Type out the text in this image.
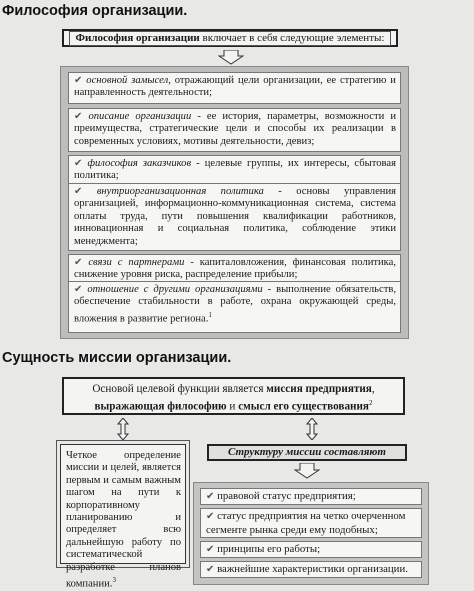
Философия организации.
Философия организации включает в себя следующие элементы:
✔ основной замысел, отражающий цели организации, ее стратегию и направленность деятельности;
✔ описание организации - ее история, параметры, возможности и преимущества, стратегические цели и способы их реализации в современных условиях, мотивы деятельности, девиз;
✔ философия заказчиков - целевые группы, их интересы, сбытовая политика;
✔ внутриорганизационная политика - основы управления организацией, информационно-коммуникационная система, система оплаты труда, пути повышения квалификации работников, инновационная и социальная политика, соблюдение этики менеджмента;
✔ связи с партнерами - капиталовложения, финансовая политика, снижение уровня риска, распределение прибыли;
✔ отношение с другими организациями - выполнение обязательств, обеспечение стабильности в работе, охрана окружающей среды, вложения в развитие региона.$^1$
Сущность миссии организации.
Основой целевой функции является миссия предприятия, выражающая философию и смысл его существования$^2$
Четкое определение миссии и целей, является первым и самым важным шагом на пути к корпоративному планированию и определяет всю дальнейшую работу по систематической разработке планов компании.$^3$
Структуру миссии составляют
✔ правовой статус предприятия;
✔ статус предприятия на четко очерченном сегменте рынка среди ему подобных;
✔ принципы его работы;
✔ важнейшие характеристики организации.
